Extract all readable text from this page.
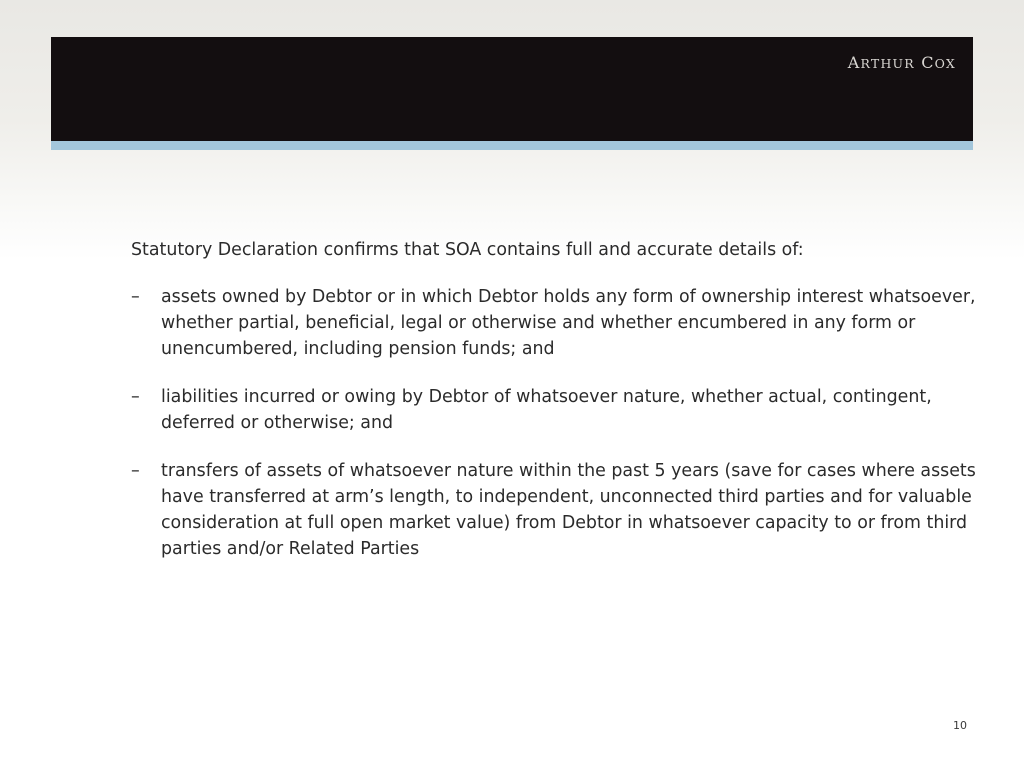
ARTHUR COX

Statutory Declaration confirms that SOA contains full and accurate details of:

– assets owned by Debtor or in which Debtor holds any form of ownership interest whatsoever, whether partial, beneficial, legal or otherwise and whether encumbered in any form or unencumbered, including pension funds; and
– liabilities incurred or owing by Debtor of whatsoever nature, whether actual, contingent, deferred or otherwise; and
– transfers of assets of whatsoever nature within the past 5 years (save for cases where assets have transferred at arm’s length, to independent, unconnected third parties and for valuable consideration at full open market value) from Debtor in whatsoever capacity to or from third parties and/or Related Parties
10
